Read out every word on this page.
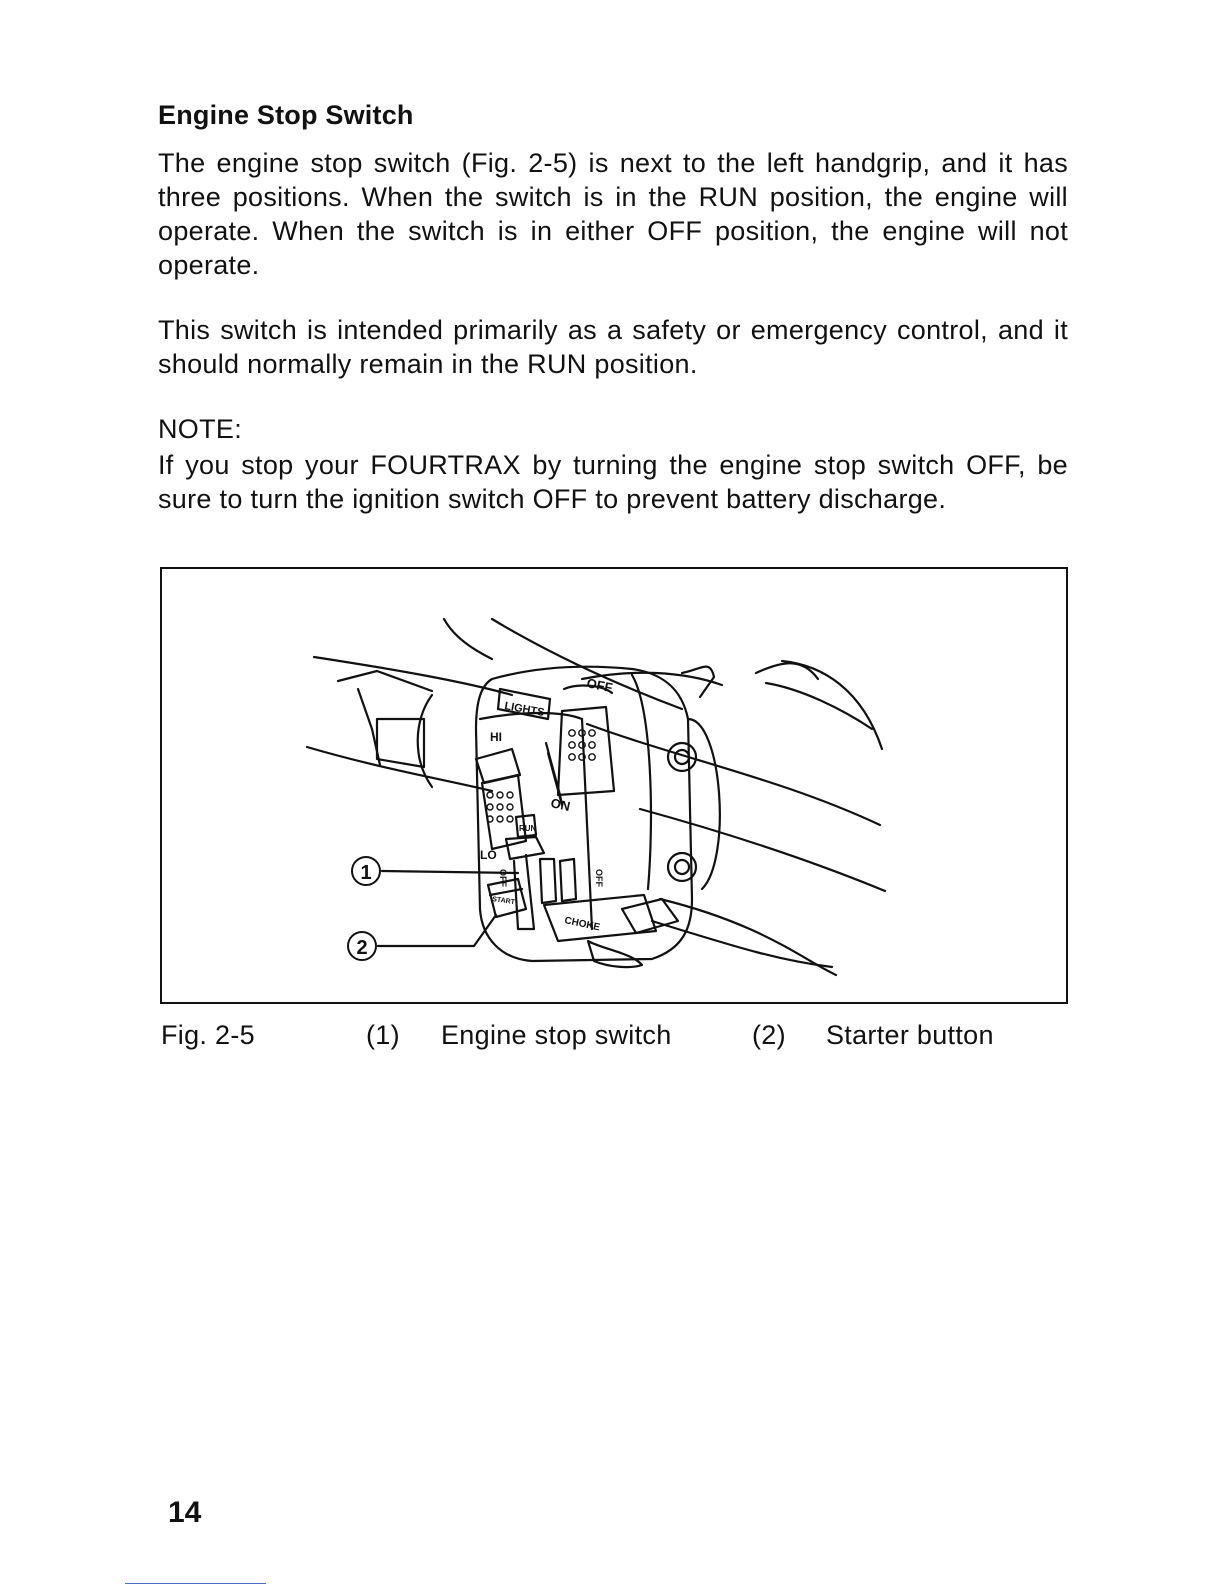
Engine Stop Switch
The engine stop switch (Fig. 2-5) is next to the left handgrip, and it has three positions. When the switch is in the RUN position, the engine will operate. When the switch is in either OFF position, the engine will not operate.
This switch is intended primarily as a safety or emergency control, and it should normally remain in the RUN position.
NOTE:
If you stop your FOURTRAX by turning the engine stop switch OFF, be sure to turn the ignition switch OFF to prevent battery discharge.
LIGHTS
OFF
HI
ON
RUN
LO
OFF	OFF
START
CHOKE
1
2
Fig. 2-5	(1) Engine stop switch	(2) Starter button
14
